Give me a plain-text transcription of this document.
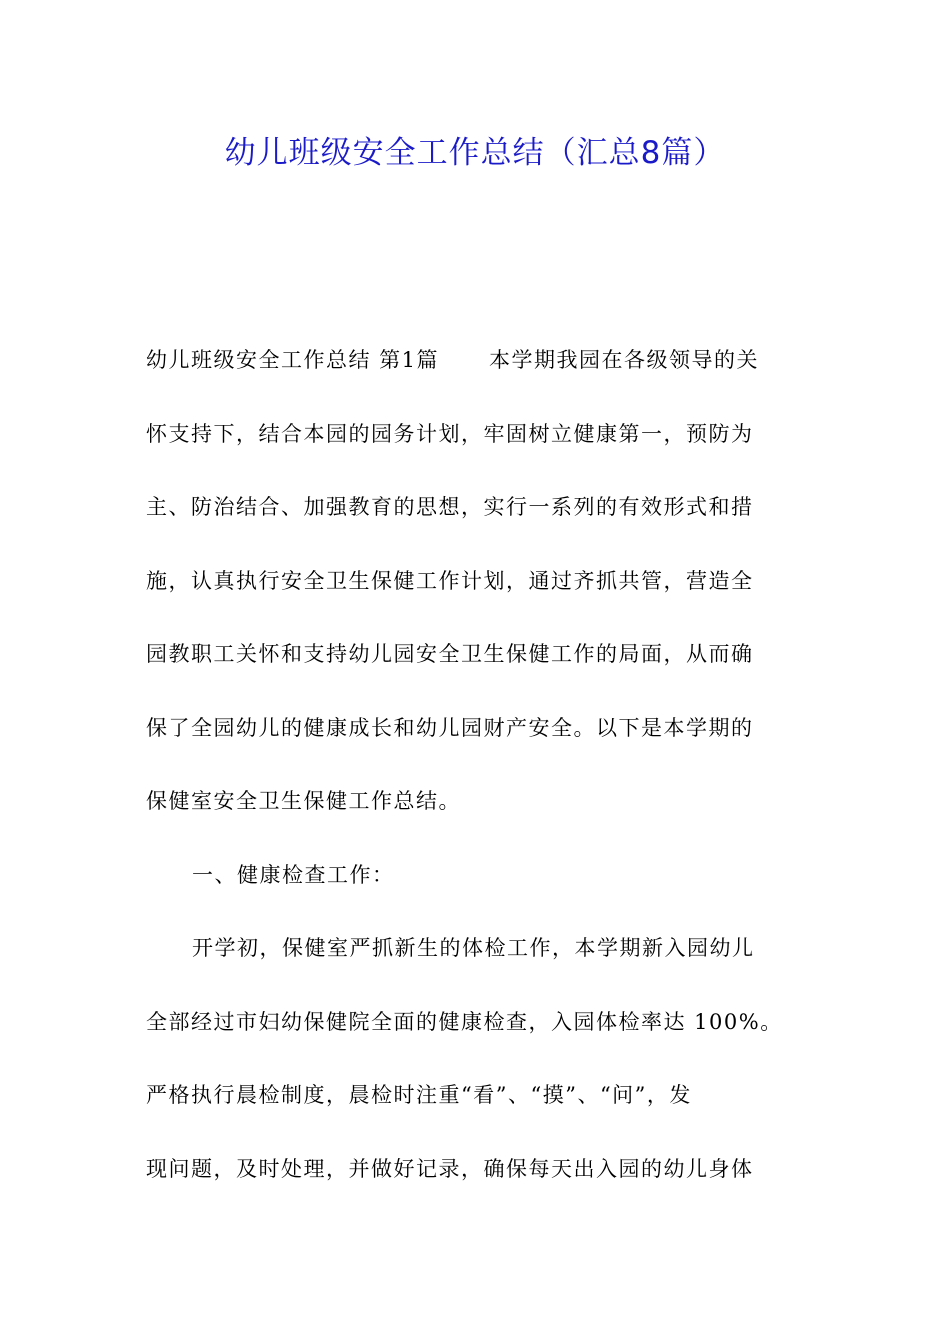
幼儿班级安全工作总结（汇总8篇）
幼儿班级安全工作总结 第1篇 本学期我园在各级领导的关
怀支持下，结合本园的园务计划，牢固树立健康第一，预防为
主、防治结合、加强教育的思想，实行一系列的有效形式和措
施，认真执行安全卫生保健工作计划，通过齐抓共管，营造全
园教职工关怀和支持幼儿园安全卫生保健工作的局面，从而确
保了全园幼儿的健康成长和幼儿园财产安全。以下是本学期的
保健室安全卫生保健工作总结。
一、健康检查工作：
开学初，保健室严抓新生的体检工作，本学期新入园幼儿
全部经过市妇幼保健院全面的健康检查，入园体检率达 100%。
严格执行晨检制度，晨检时注重“看”、“摸”、“问”，发
现问题，及时处理，并做好记录，确保每天出入园的幼儿身体
